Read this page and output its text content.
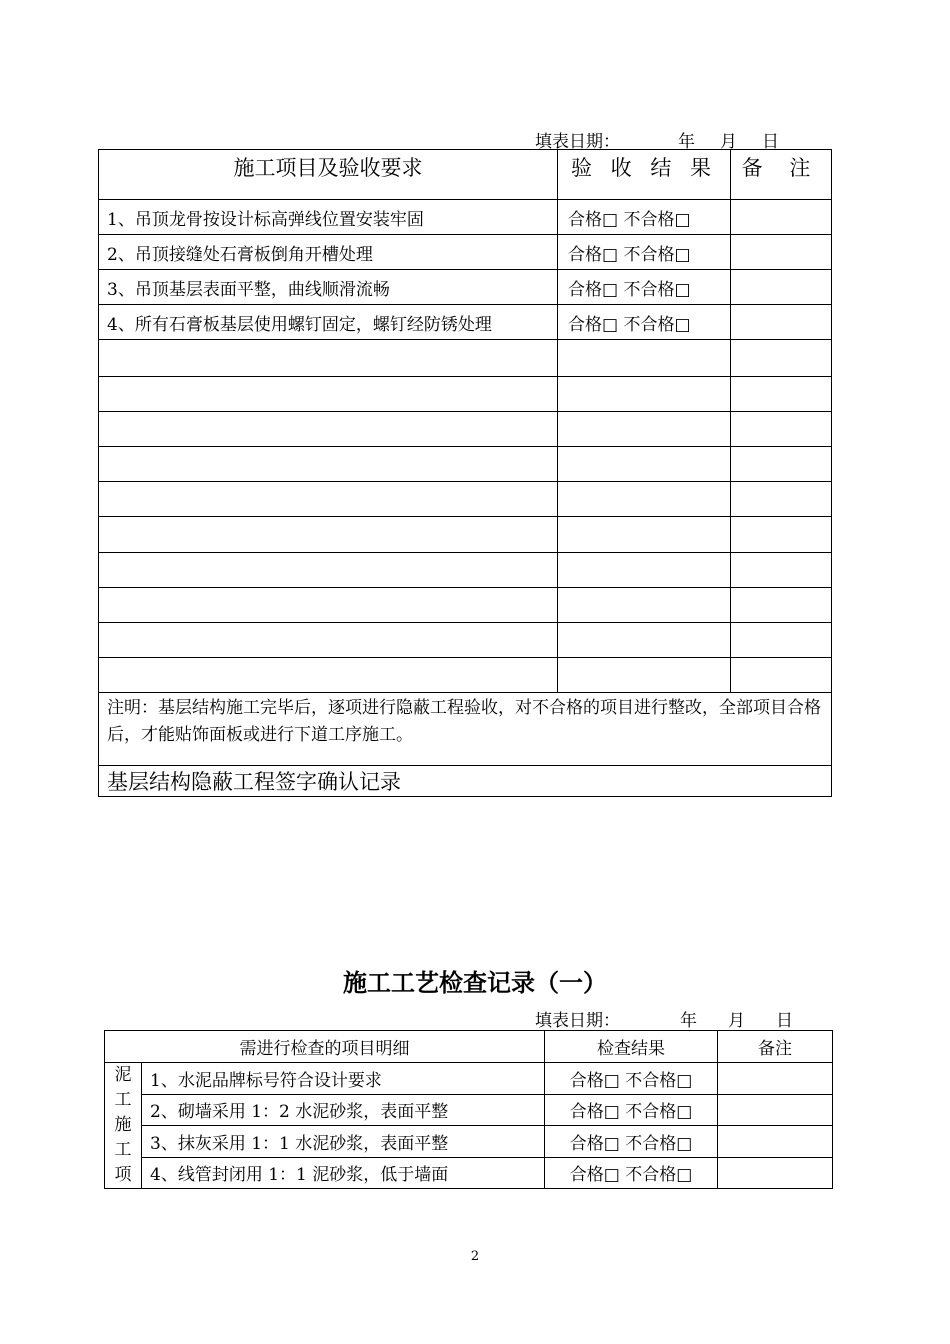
填表日期：	年 月 日
施工项目及验收要求	验 收 结 果	备 注
1、吊顶龙骨按设计标高弹线位置安装牢固	合格□ 不合格□	
2、吊顶接缝处石膏板倒角开槽处理	合格□ 不合格□	
3、吊顶基层表面平整，曲线顺滑流畅	合格□ 不合格□	
4、所有石膏板基层使用螺钉固定，螺钉经防锈处理	合格□ 不合格□	

注明：基层结构施工完毕后，逐项进行隐蔽工程验收，对不合格的项目进行整改，全部项目合格后，才能贴饰面板或进行下道工序施工。		
基层结构隐蔽工程签字确认记录		
施工工艺检查记录（一）
填表日期：	年 月 日
需进行检查的项目明细		检查结果	备注

泥工施工项	1、水泥品牌标号符合设计要求	合格□ 不合格□	
	2、砌墙采用 1：2 水泥砂浆，表面平整	合格□ 不合格□	
	3、抹灰采用 1：1 水泥砂浆，表面平整	合格□ 不合格□	
	4、线管封闭用 1：1 泥砂浆，低于墙面	合格□ 不合格□	
2
